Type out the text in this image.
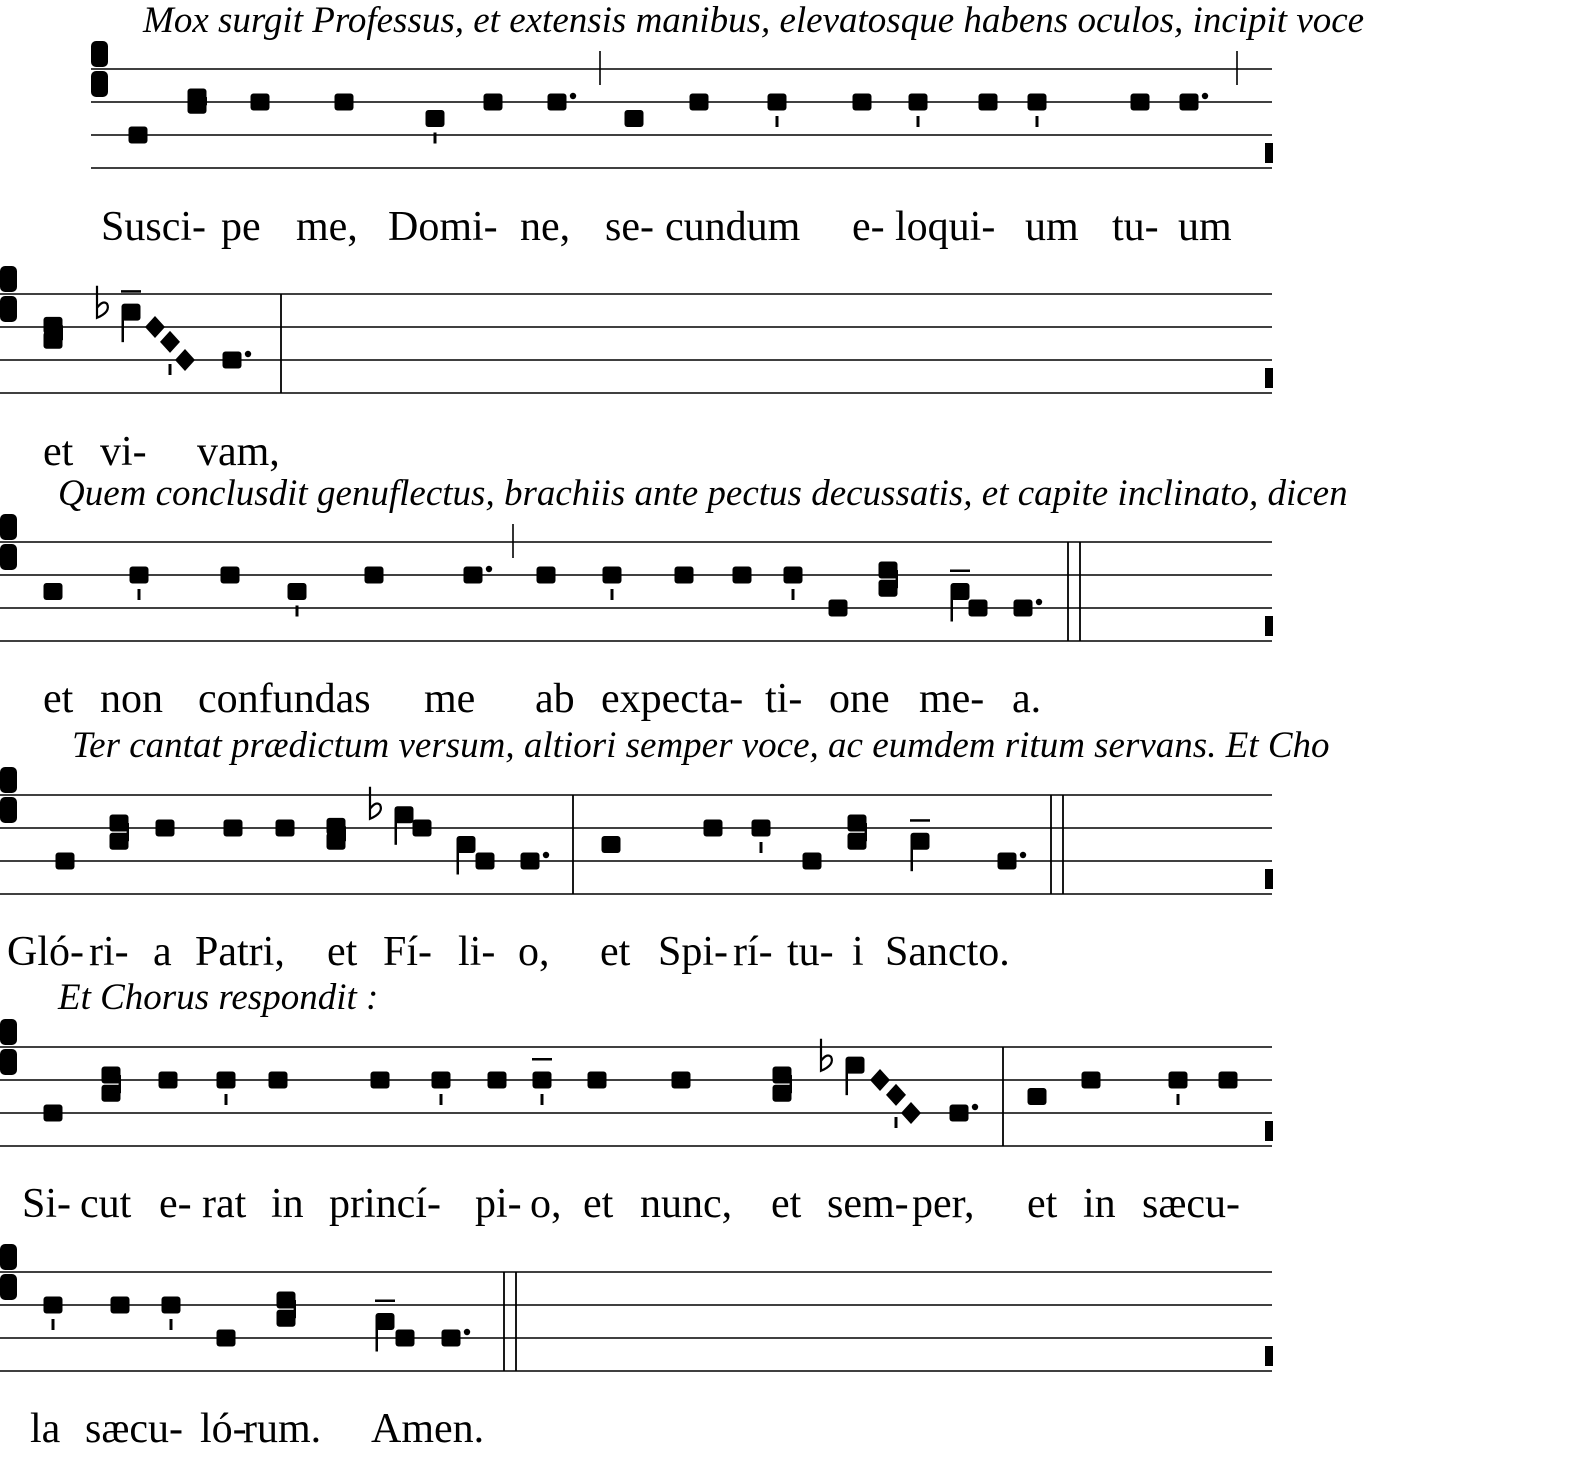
Mox surgit Professus, et extensis manibus, elevatosque habens oculos, incipit voce
Quem conclusdit genuflectus, brachiis ante pectus decussatis, et capite inclinato, dicen
Ter cantat prædictum versum, altiori semper voce, ac eumdem ritum servans. Et Cho
Et Chorus respondit :
Susci- pe me, Domi- ne, se- cundum e- loqui- um tu- um
et vi- vam,
et non confundas me ab expecta- ti- one me- a.
Gló- ri- a Patri, et Fí- li- o, et Spi- rí- tu- i Sancto.
Si- cut e- rat in princí- pi- o, et nunc, et sem- per, et in sæcu-
la sæcu- ló-
rum. Amen.
